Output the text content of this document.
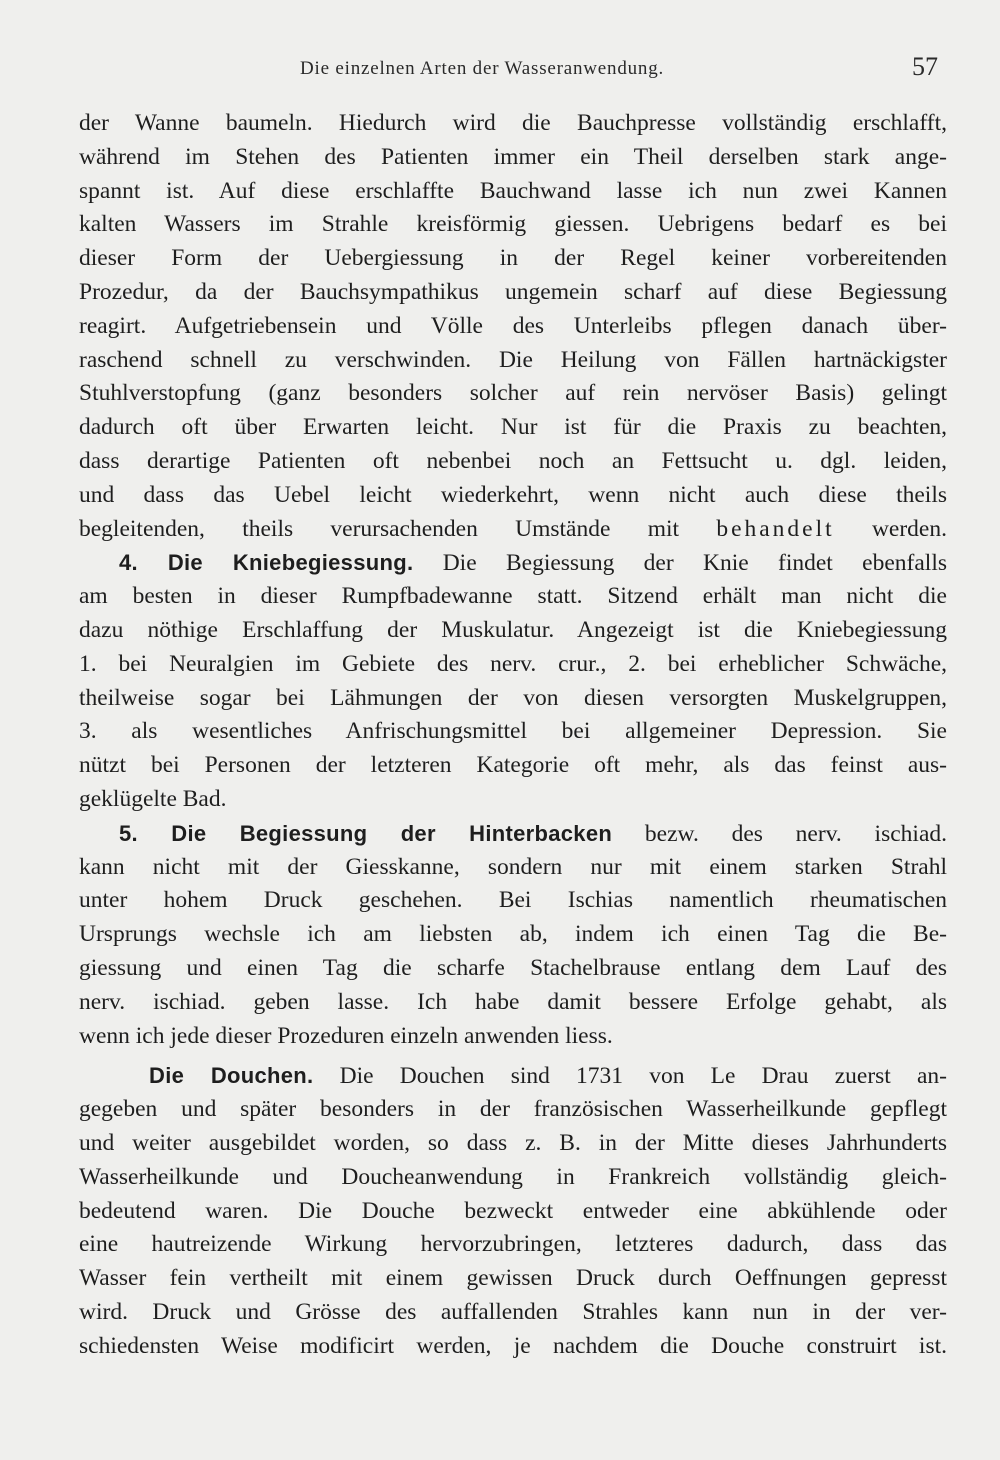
Die einzelnen Arten der Wasseranwendung.	57
der Wanne baumeln. Hiedurch wird die Bauchpresse vollständig erschlafft,
während im Stehen des Patienten immer ein Theil derselben stark ange-
spannt ist. Auf diese erschlaffte Bauchwand lasse ich nun zwei Kannen
kalten Wassers im Strahle kreisförmig giessen. Uebrigens bedarf es bei
dieser Form der Uebergiessung in der Regel keiner vorbereitenden
Prozedur, da der Bauchsympathikus ungemein scharf auf diese Begiessung
reagirt. Aufgetriebensein und Völle des Unterleibs pflegen danach über-
raschend schnell zu verschwinden. Die Heilung von Fällen hartnäckigster
Stuhlverstopfung (ganz besonders solcher auf rein nervöser Basis) gelingt
dadurch oft über Erwarten leicht. Nur ist für die Praxis zu beachten,
dass derartige Patienten oft nebenbei noch an Fettsucht u. dgl. leiden,
und dass das Uebel leicht wiederkehrt, wenn nicht auch diese theils
begleitenden, theils verursachenden Umstände mit behandelt werden.
4. Die Kniebegiessung. Die Begiessung der Knie findet ebenfalls
am besten in dieser Rumpfbadewanne statt. Sitzend erhält man nicht die
dazu nöthige Erschlaffung der Muskulatur. Angezeigt ist die Kniebegiessung
1. bei Neuralgien im Gebiete des nerv. crur., 2. bei erheblicher Schwäche,
theilweise sogar bei Lähmungen der von diesen versorgten Muskelgruppen,
3. als wesentliches Anfrischungsmittel bei allgemeiner Depression. Sie
nützt bei Personen der letzteren Kategorie oft mehr, als das feinst aus-
geklügelte Bad.
5. Die Begiessung der Hinterbacken bezw. des nerv. ischiad.
kann nicht mit der Giesskanne, sondern nur mit einem starken Strahl
unter hohem Druck geschehen. Bei Ischias namentlich rheumatischen
Ursprungs wechsle ich am liebsten ab, indem ich einen Tag die Be-
giessung und einen Tag die scharfe Stachelbrause entlang dem Lauf des
nerv. ischiad. geben lasse. Ich habe damit bessere Erfolge gehabt, als
wenn ich jede dieser Prozeduren einzeln anwenden liess.
Die Douchen. Die Douchen sind 1731 von Le Drau zuerst an-
gegeben und später besonders in der französischen Wasserheilkunde gepflegt
und weiter ausgebildet worden, so dass z. B. in der Mitte dieses Jahrhunderts
Wasserheilkunde und Doucheanwendung in Frankreich vollständig gleich-
bedeutend waren. Die Douche bezweckt entweder eine abkühlende oder
eine hautreizende Wirkung hervorzubringen, letzteres dadurch, dass das
Wasser fein vertheilt mit einem gewissen Druck durch Oeffnungen gepresst
wird. Druck und Grösse des auffallenden Strahles kann nun in der ver-
schiedensten Weise modificirt werden, je nachdem die Douche construirt ist.
